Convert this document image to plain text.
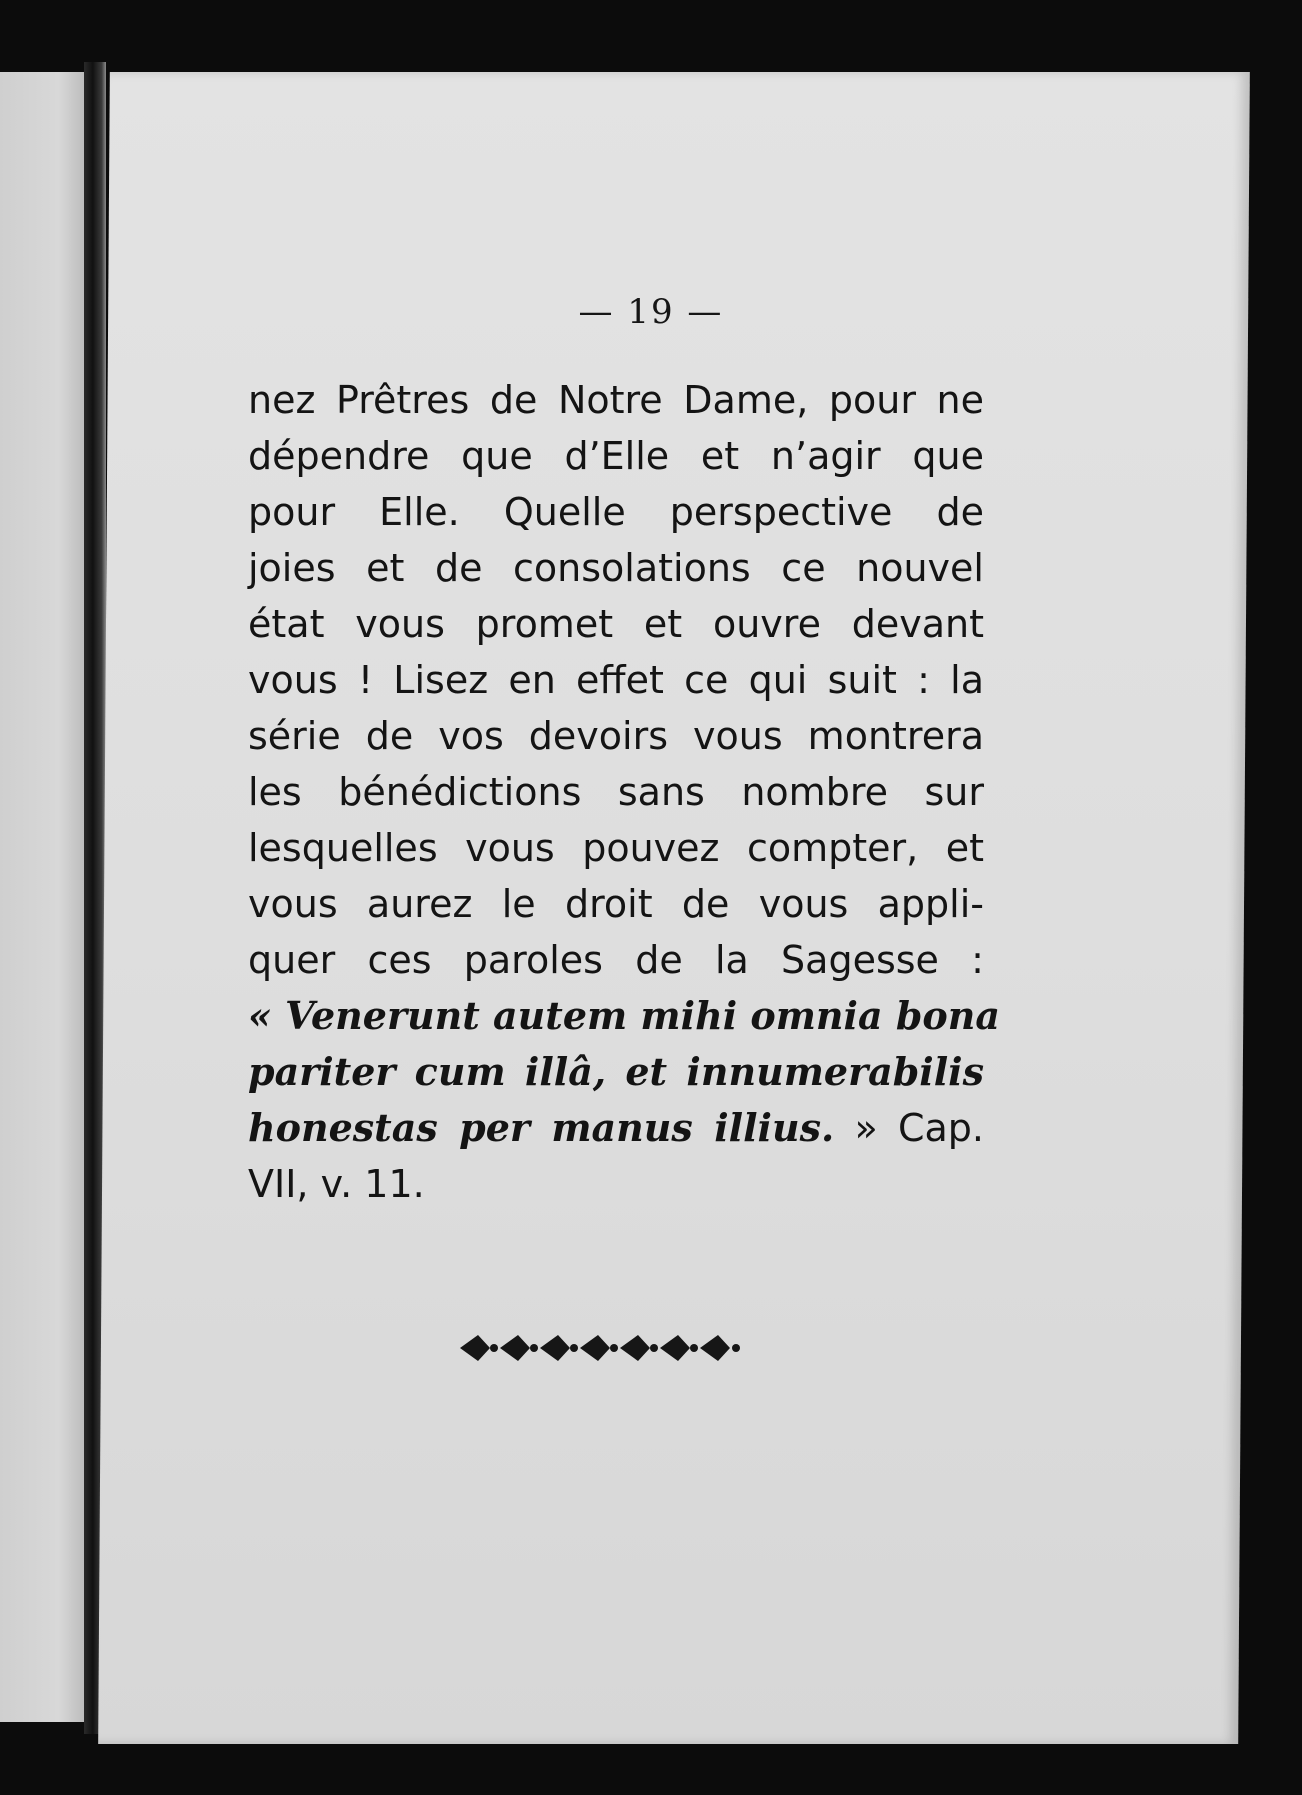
— 19 —
nez Prêtres de Notre Dame, pour ne
dépendre que d’Elle et n’agir que
pour Elle. Quelle perspective de
joies et de consolations ce nouvel
état vous promet et ouvre devant
vous ! Lisez en effet ce qui suit : la
série de vos devoirs vous montrera
les bénédictions sans nombre sur
lesquelles vous pouvez compter, et
vous aurez le droit de vous appli-
quer ces paroles de la Sagesse :
« Venerunt autem mihi omnia bona
pariter cum illâ, et innumerabilis
honestas per manus illius. » Cap.
VII, v. 11.
